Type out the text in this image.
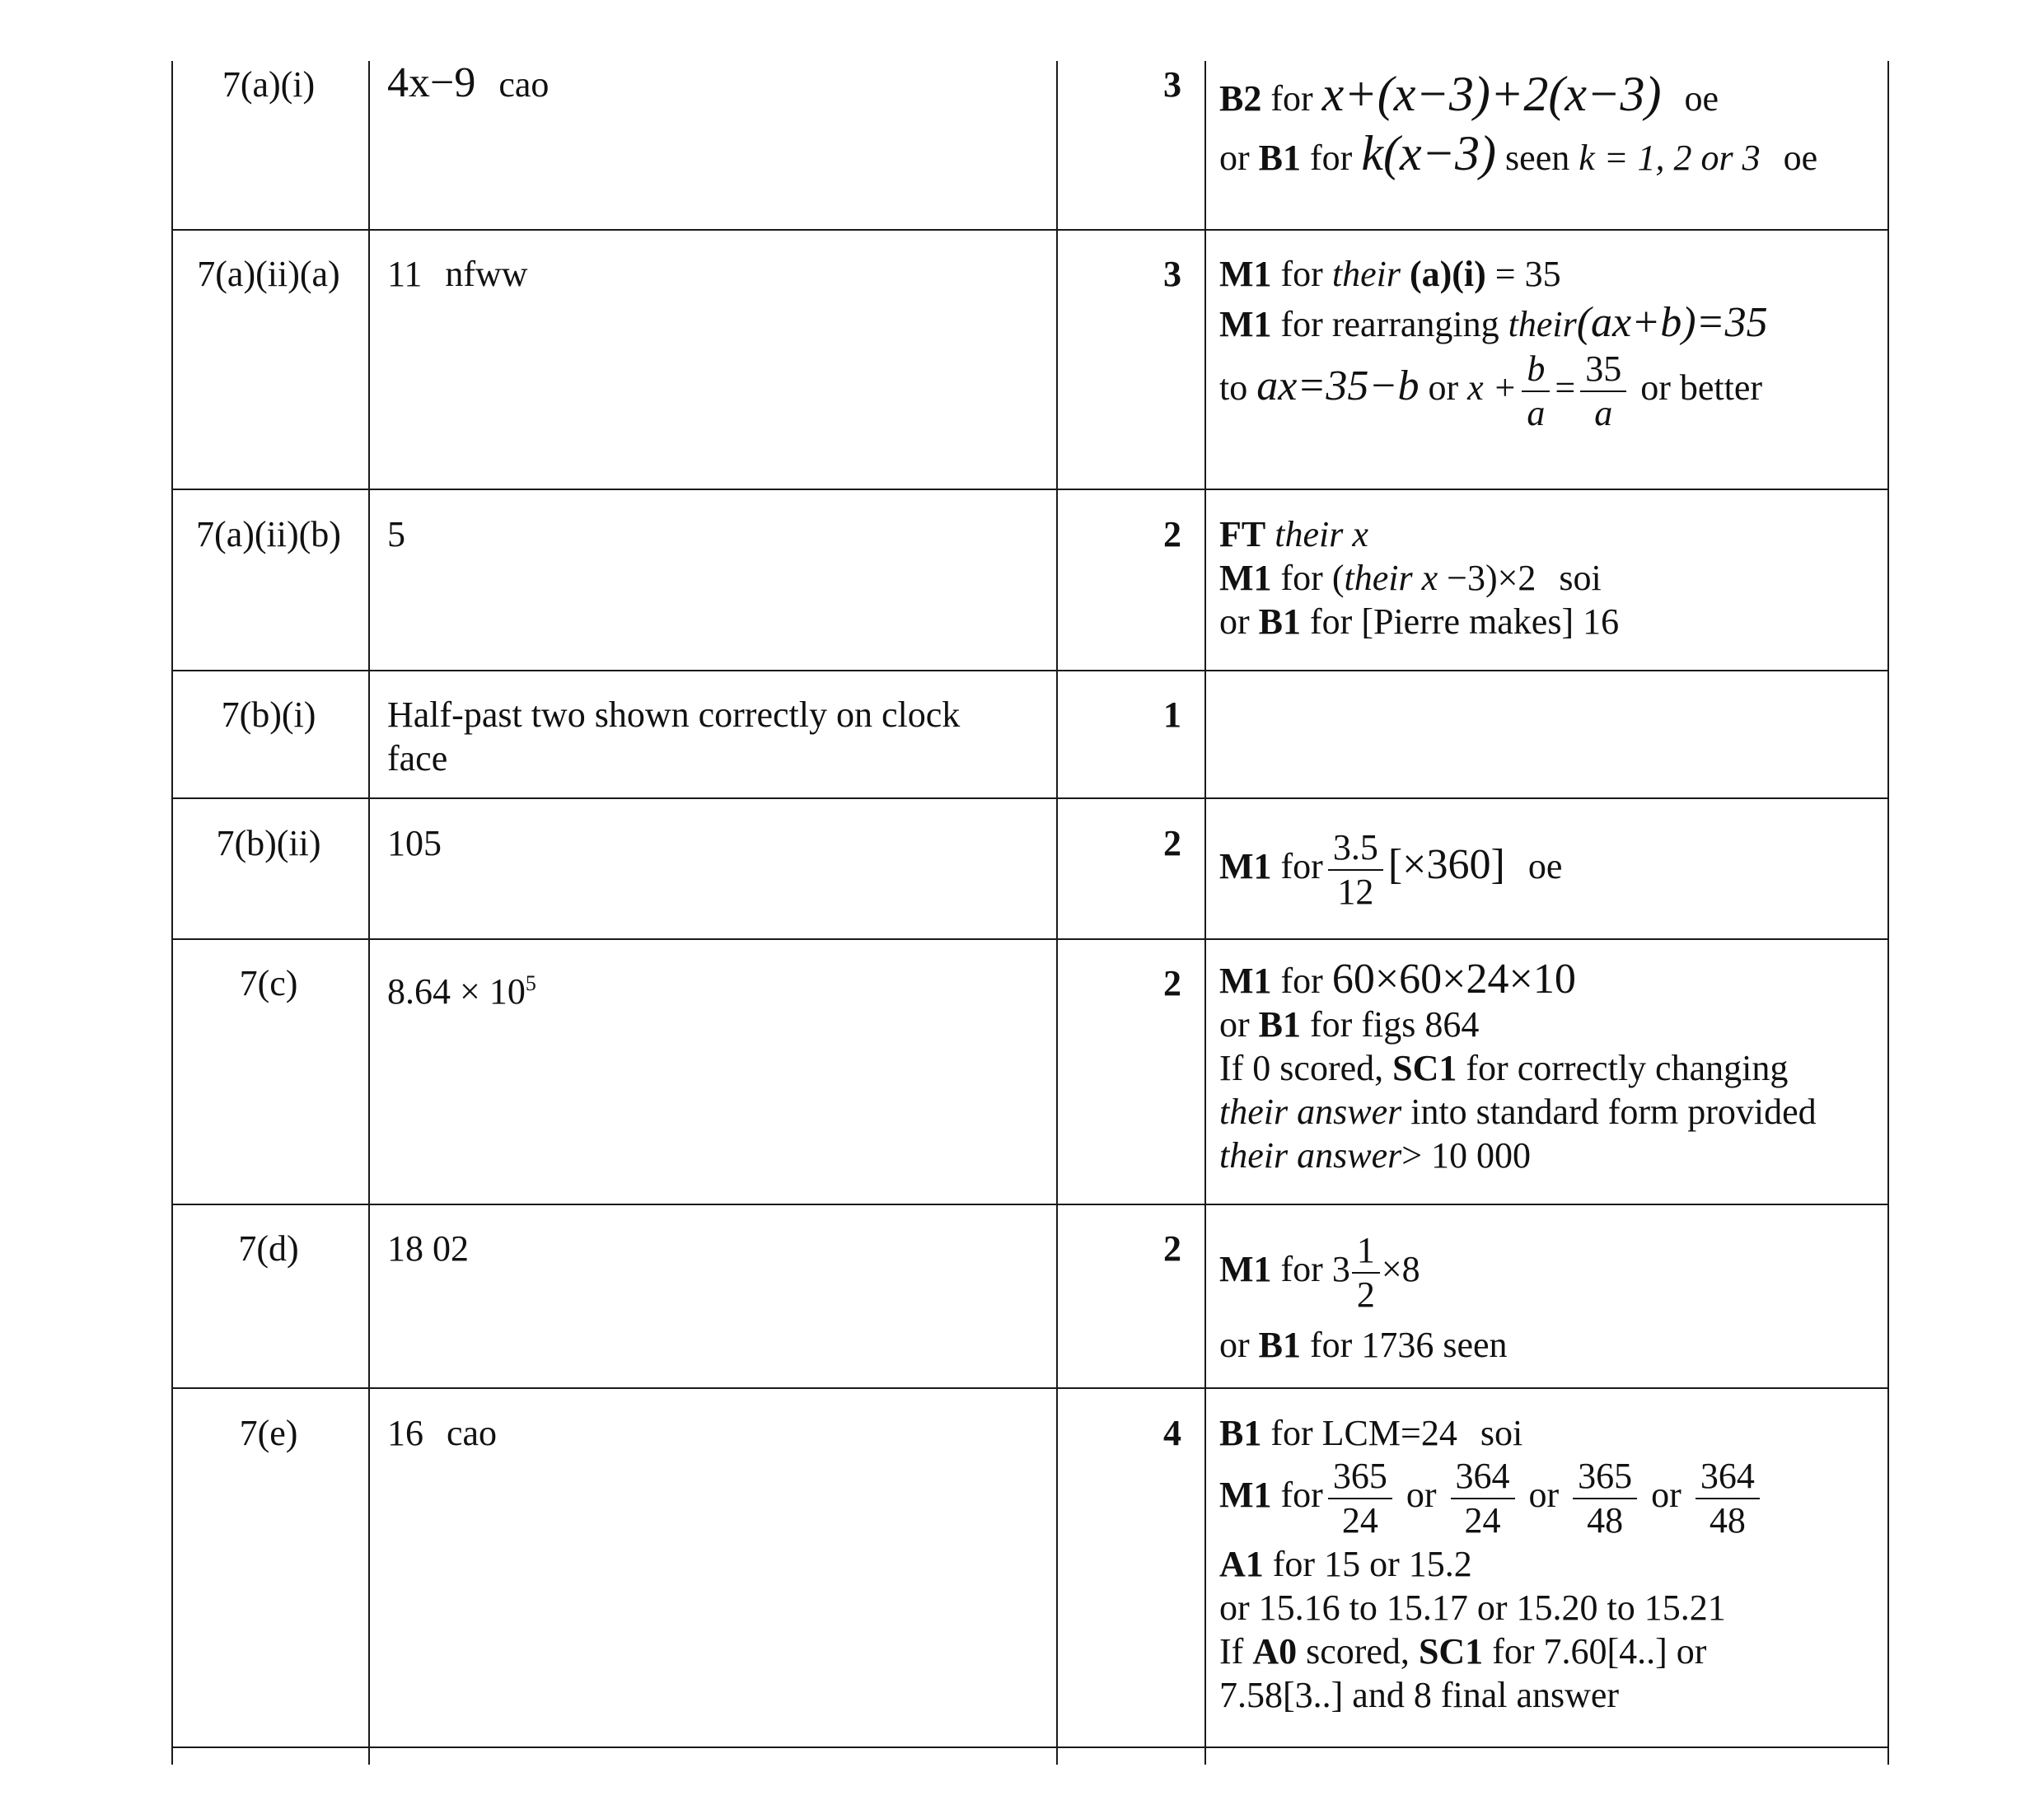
7(a)(i)	4x−9 cao	3 B2 for x+(x−3)+2(x−3) oe
or B1 for k(x−3) seen k = 1, 2 or 3 oe
7(a)(ii)(a)	11 nfww	3 M1 for their (a)(i) = 35
M1 for rearranging their(ax+b)=35
to ax=35−b or $x + \frac{b}{a} = \frac{35}{a}$ or better
7(a)(ii)(b)	5	2 FT their x
M1 for (their x −3)×2 soi
or B1 for [Pierre makes] 16
7(b)(i)	Half-past two shown correctly on clock
face
1
7(b)(ii)	105	2
M1 for $\frac{3.5}{12} [\times 360]$ oe
7(c)	$8.64 \times 10^5$	2 M1 for 60×60×24×10
or B1 for figs 864
If 0 scored, SC1 for correctly changing
their answer into standard form provided
their answer> 10 000
7(d)	18 02	2
M1 for $3 \frac{1}{2} \times 8$
or B1 for 1736 seen
7(e)	16 cao	4 B1 for LCM=24 soi
M1 for $\frac{365}{24}$ or $\frac{364}{24}$ or $\frac{365}{48}$ or $\frac{364}{48}$
A1 for 15 or 15.2
or 15.16 to 15.17 or 15.20 to 15.21
If A0 scored, SC1 for 7.60[4..] or
7.58[3..] and 8 final answer
